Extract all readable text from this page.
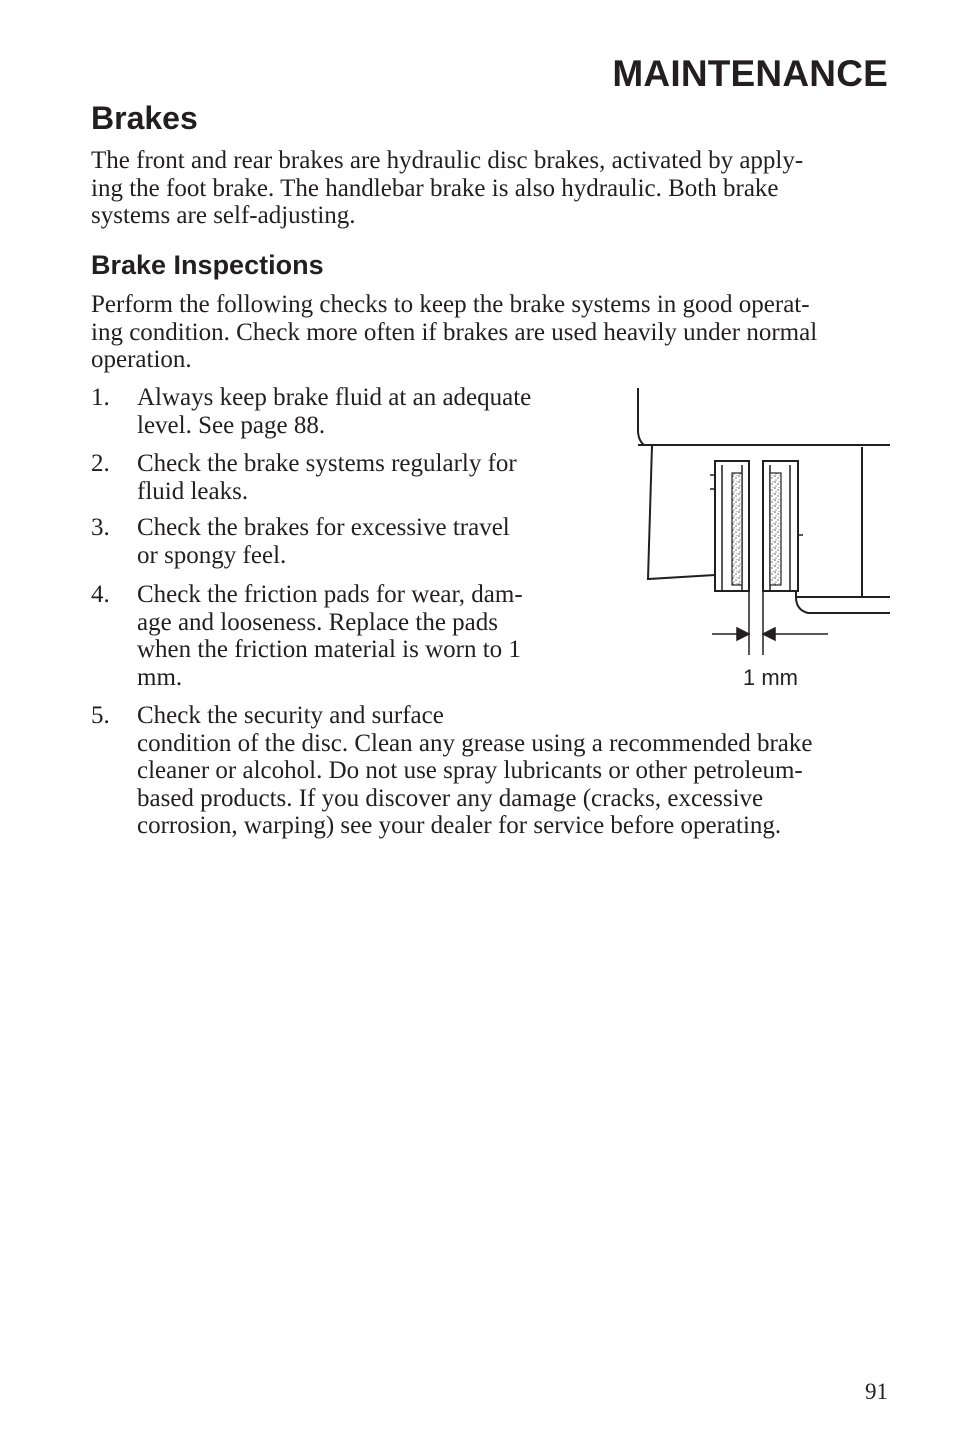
MAINTENANCE
Brakes
The front and rear brakes are hydraulic disc brakes, activated by apply-
ing the foot brake. The handlebar brake is also hydraulic. Both brake
systems are self-adjusting.
Brake Inspections
Perform the following checks to keep the brake systems in good operat-
ing condition. Check more often if brakes are used heavily under normal
operation.
1.	Always keep brake fluid at an adequate
level. See page 88.
2.	Check the brake systems regularly for
fluid leaks.
3.	Check the brakes for excessive travel
or spongy feel.
4.	Check the friction pads for wear, dam-
age and looseness. Replace the pads
when the friction material is worn to 1
mm.
5.	Check the security and surface
condition of the disc. Clean any grease using a recommended brake
cleaner or alcohol. Do not use spray lubricants or other petroleum-
based products. If you discover any damage (cracks, excessive
corrosion, warping) see your dealer for service before operating.
1 mm
91
